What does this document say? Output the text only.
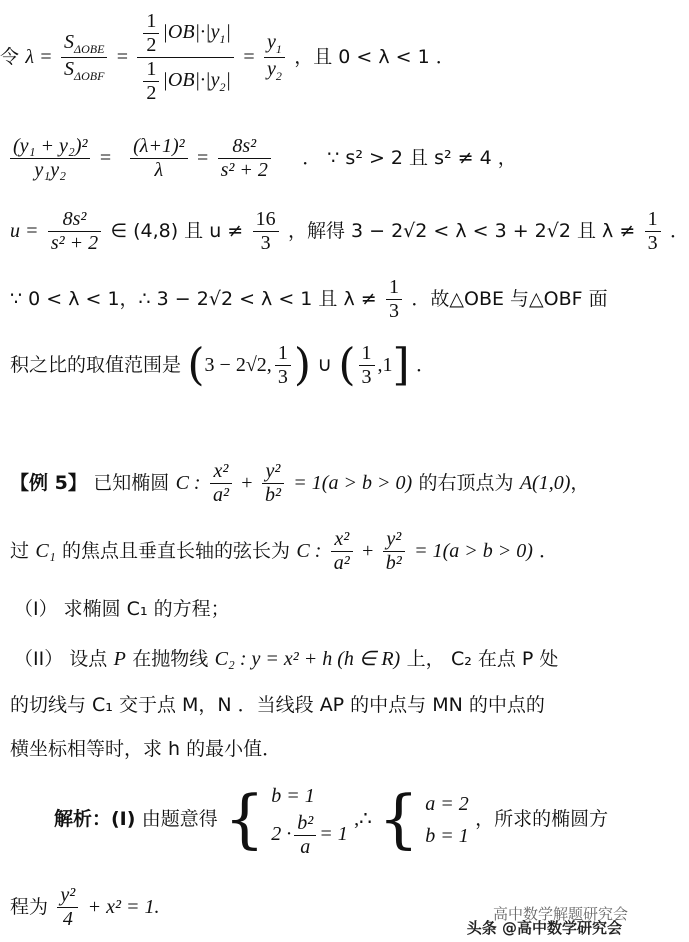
令 $\lambda = \frac{S_{\Delta OBE}}{S_{\Delta OBF}} = \frac{\frac{1}{2} |OB|\cdot|y_1|}{\frac{1}{2} |OB|\cdot|y_2|} = \frac{y_1}{y_2}$ ，且 0 < λ < 1 ．
$\frac{\text{(y₁ + y₂)²}}{\text{y₁y₂}} = \frac{\text{(λ+1)²}}{\lambda} = \frac{\text{8s²}}{\text{s² + 2}}$ ． ∵ s² > 2 且 s² ≠ 4 ，
$u = \frac{\text{8s²}}{\text{s² + 2}}$ ∈ (4,8) 且 $u \ne \frac{16}{3}$ ，解得 3 − 2√2 < λ < 3 + 2√2 且 $\lambda \ne \frac{1}{3}$ ．
∵ 0 < λ < 1，∴ 3 − 2√2 < λ < 1 且 $\lambda \ne \frac{1}{3}$ ．故△OBE 与△OBF 面
积之比的取值范围是 (3 − 2√2, $\frac{1}{3}$ ) ∪ ( $\frac{1}{3} ,1$] ．
【例 5】 已知椭圆 C : $\frac{\text{x²}}{\text{a²}} + \frac{\text{y²}}{\text{b²}} = 1(a > b > 0)$ 的右顶点为 A(1,0)，
过 C₁ 的焦点且垂直长轴的弦长为 C : $\frac{\text{x²}}{\text{a²}} + \frac{\text{y²}}{\text{b²}} = 1(a > b > 0)$ ．
（I） 求椭圆 C₁ 的方程；
（II） 设点 P 在抛物线 C₂ : y = x² + h (h ∈ R) 上， C₂ 在点 P 处
的切线与 C₁ 交于点 M，N ．当线段 AP 的中点与 MN 的中点的
横坐标相等时，求 h 的最小值．
解析：(I) 由题意得 { b = 1
$2 \cdot \frac{\text{b²}}{a} = 1$
,∴ { a = 2
b = 1
，所求的椭圆方
程为 $\frac{\text{y²}}{4} + x^2 = 1$.	高中数学解题研究会
头条 @高中数学研究会
